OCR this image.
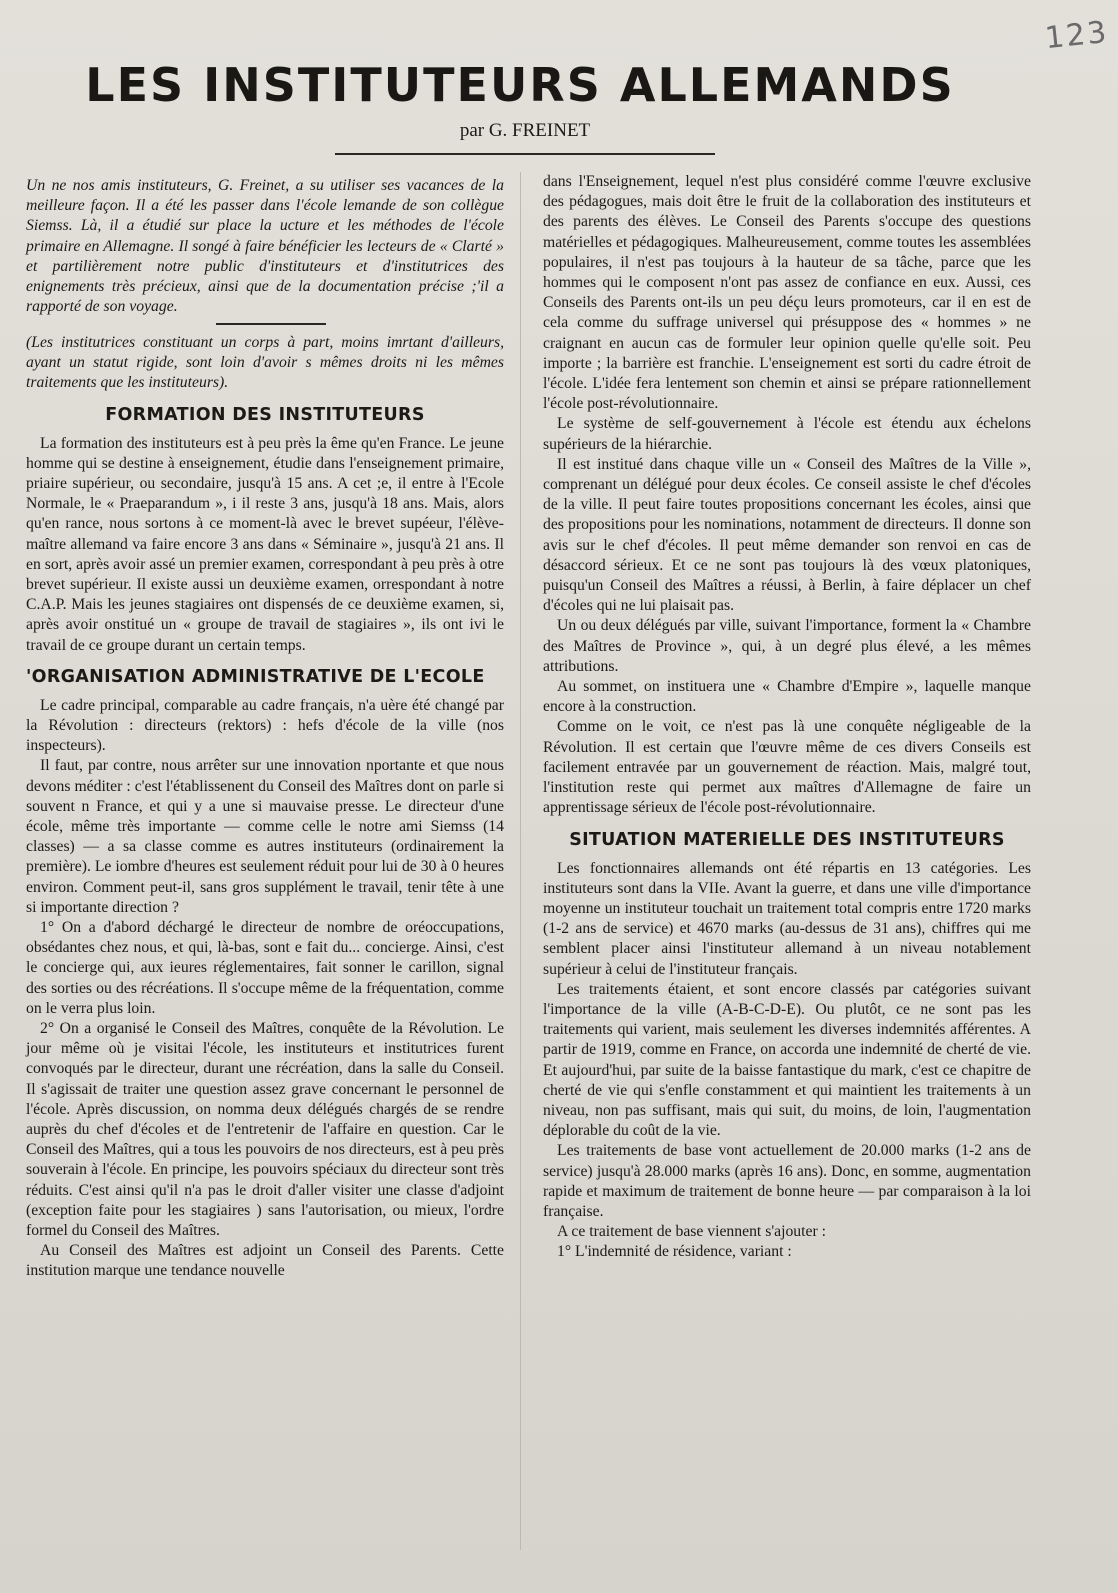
123
LES INSTITUTEURS ALLEMANDS
par G. FREINET

Un ne nos amis instituteurs, G. Freinet, a su utiliser ses vacances de la meilleure façon. Il a été les passer dans l'école lemande de son collègue Siemss. Là, il a étudié sur place la ucture et les méthodes de l'école primaire en Allemagne. Il songé à faire bénéficier les lecteurs de « Clarté » et partilièrement notre public d'instituteurs et d'institutrices des enignements très précieux, ainsi que de la documentation précise ;'il a rapporté de son voyage.

(Les institutrices constituant un corps à part, moins imrtant d'ailleurs, ayant un statut rigide, sont loin d'avoir s mêmes droits ni les mêmes traitements que les instituteurs).

FORMATION DES INSTITUTEURS

La formation des instituteurs est à peu près la ême qu'en France. Le jeune homme qui se destine à enseignement, étudie dans l'enseignement primaire, priaire supérieur, ou secondaire, jusqu'à 15 ans. A cet ;e, il entre à l'Ecole Normale, le « Praeparandum », i il reste 3 ans, jusqu'à 18 ans. Mais, alors qu'en rance, nous sortons à ce moment-là avec le brevet supéeur, l'élève-maître allemand va faire encore 3 ans dans « Séminaire », jusqu'à 21 ans. Il en sort, après avoir assé un premier examen, correspondant à peu près à otre brevet supérieur. Il existe aussi un deuxième examen, orrespondant à notre C.A.P. Mais les jeunes stagiaires ont dispensés de ce deuxième examen, si, après avoir onstitué un « groupe de travail de stagiaires », ils ont ivi le travail de ce groupe durant un certain temps.

'ORGANISATION ADMINISTRATIVE DE L'ECOLE

Le cadre principal, comparable au cadre français, n'a uère été changé par la Révolution : directeurs (rektors) : hefs d'école de la ville (nos inspecteurs).

Il faut, par contre, nous arrêter sur une innovation nportante et que nous devons méditer : c'est l'établissenent du Conseil des Maîtres dont on parle si souvent n France, et qui y a une si mauvaise presse. Le directeur d'une école, même très importante — comme celle le notre ami Siemss (14 classes) — a sa classe comme es autres instituteurs (ordinairement la première). Le iombre d'heures est seulement réduit pour lui de 30 à 0 heures environ. Comment peut-il, sans gros supplément le travail, tenir tête à une si importante direction ?

1° On a d'abord déchargé le directeur de nombre de oréoccupations, obsédantes chez nous, et qui, là-bas, sont e fait du... concierge. Ainsi, c'est le concierge qui, aux ieures réglementaires, fait sonner le carillon, signal des sorties ou des récréations. Il s'occupe même de la fréquentation, comme on le verra plus loin.

2° On a organisé le Conseil des Maîtres, conquête de la Révolution. Le jour même où je visitai l'école, les instituteurs et institutrices furent convoqués par le directeur, durant une récréation, dans la salle du Conseil. Il s'agissait de traiter une question assez grave concernant le personnel de l'école. Après discussion, on nomma deux délégués chargés de se rendre auprès du chef d'écoles et de l'entretenir de l'affaire en question. Car le Conseil des Maîtres, qui a tous les pouvoirs de nos directeurs, est à peu près souverain à l'école. En principe, les pouvoirs spéciaux du directeur sont très réduits. C'est ainsi qu'il n'a pas le droit d'aller visiter une classe d'adjoint (exception faite pour les stagiaires ) sans l'autorisation, ou mieux, l'ordre formel du Conseil des Maîtres.

Au Conseil des Maîtres est adjoint un Conseil des Parents. Cette institution marque une tendance nouvelle

dans l'Enseignement, lequel n'est plus considéré comme l'œuvre exclusive des pédagogues, mais doit être le fruit de la collaboration des instituteurs et des parents des élèves. Le Conseil des Parents s'occupe des questions matérielles et pédagogiques. Malheureusement, comme toutes les assemblées populaires, il n'est pas toujours à la hauteur de sa tâche, parce que les hommes qui le composent n'ont pas assez de confiance en eux. Aussi, ces Conseils des Parents ont-ils un peu déçu leurs promoteurs, car il en est de cela comme du suffrage universel qui présuppose des « hommes » ne craignant en aucun cas de formuler leur opinion quelle qu'elle soit. Peu importe ; la barrière est franchie. L'enseignement est sorti du cadre étroit de l'école. L'idée fera lentement son chemin et ainsi se prépare rationnellement l'école post-révolutionnaire.

Le système de self-gouvernement à l'école est étendu aux échelons supérieurs de la hiérarchie.

Il est institué dans chaque ville un « Conseil des Maîtres de la Ville », comprenant un délégué pour deux écoles. Ce conseil assiste le chef d'écoles de la ville. Il peut faire toutes propositions concernant les écoles, ainsi que des propositions pour les nominations, notamment de directeurs. Il donne son avis sur le chef d'écoles. Il peut même demander son renvoi en cas de désaccord sérieux. Et ce ne sont pas toujours là des vœux platoniques, puisqu'un Conseil des Maîtres a réussi, à Berlin, à faire déplacer un chef d'écoles qui ne lui plaisait pas.

Un ou deux délégués par ville, suivant l'importance, forment la « Chambre des Maîtres de Province », qui, à un degré plus élevé, a les mêmes attributions.

Au sommet, on instituera une « Chambre d'Empire », laquelle manque encore à la construction.

Comme on le voit, ce n'est pas là une conquête négligeable de la Révolution. Il est certain que l'œuvre même de ces divers Conseils est facilement entravée par un gouvernement de réaction. Mais, malgré tout, l'institution reste qui permet aux maîtres d'Allemagne de faire un apprentissage sérieux de l'école post-révolutionnaire.

SITUATION MATERIELLE DES INSTITUTEURS

Les fonctionnaires allemands ont été répartis en 13 catégories. Les instituteurs sont dans la VIIe. Avant la guerre, et dans une ville d'importance moyenne un instituteur touchait un traitement total compris entre 1720 marks (1-2 ans de service) et 4670 marks (au-dessus de 31 ans), chiffres qui me semblent placer ainsi l'instituteur allemand à un niveau notablement supérieur à celui de l'instituteur français.

Les traitements étaient, et sont encore classés par catégories suivant l'importance de la ville (A-B-C-D-E). Ou plutôt, ce ne sont pas les traitements qui varient, mais seulement les diverses indemnités afférentes. A partir de 1919, comme en France, on accorda une indemnité de cherté de vie. Et aujourd'hui, par suite de la baisse fantastique du mark, c'est ce chapitre de cherté de vie qui s'enfle constamment et qui maintient les traitements à un niveau, non pas suffisant, mais qui suit, du moins, de loin, l'augmentation déplorable du coût de la vie.

Les traitements de base vont actuellement de 20.000 marks (1-2 ans de service) jusqu'à 28.000 marks (après 16 ans). Donc, en somme, augmentation rapide et maximum de traitement de bonne heure — par comparaison à la loi française.

A ce traitement de base viennent s'ajouter :

1° L'indemnité de résidence, variant :
